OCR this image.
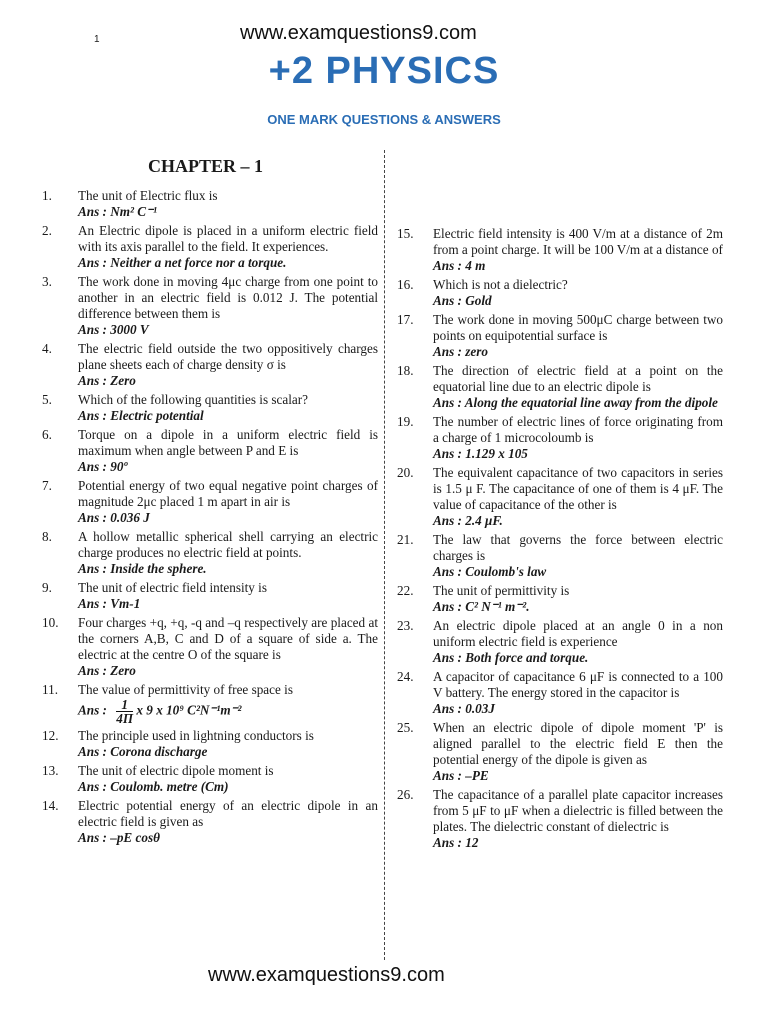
1	www.examquestions9.com
+2 PHYSICS
ONE MARK QUESTIONS & ANSWERS
CHAPTER – 1
1.	The unit of Electric flux is
Ans : Nm² C⁻¹
2.	An Electric dipole is placed in a uniform electric field with its axis parallel to the field. It experiences.
Ans : Neither a net force nor a torque.
3.	The work done in moving 4μc charge from one point to another in an electric field is 0.012 J. The potential difference between them is
Ans : 3000 V
4.	The electric field outside the two oppositively charges plane sheets each of charge density σ is
Ans : Zero
5.	Which of the following quantities is scalar?
Ans : Electric potential
6.	Torque on a dipole in a uniform electric field is maximum when angle between P and E is
Ans : 90º
7.	Potential energy of two equal negative point charges of magnitude 2μc placed 1 m apart in air is
Ans : 0.036 J
8.	A hollow metallic spherical shell carrying an electric charge produces no electric field at points.
Ans : Inside the sphere.
9.	The unit of electric field intensity is
Ans : Vm-1
10.	Four charges +q, +q, -q and –q respectively are placed at the corners A,B, C and D of a square of side a. The electric at the centre O of the square is
Ans : Zero
11.	The value of permittivity of free space is
Ans : $\frac{1}{4\Pi}$ x 9 x 10⁹ C²N⁻¹m⁻²
12.	The principle used in lightning conductors is
Ans : Corona discharge
13.	The unit of electric dipole moment is
Ans : Coulomb. metre (Cm)
14.	Electric potential energy of an electric dipole in an electric field is given as
Ans : –pE cosθ
15.	Electric field intensity is 400 V/m at a distance of 2m from a point charge. It will be 100 V/m at a distance of
Ans : 4 m
16.	Which is not a dielectric?
Ans : Gold
17.	The work done in moving 500μC charge between two points on equipotential surface is
Ans : zero
18.	The direction of electric field at a point on the equatorial line due to an electric dipole is
Ans : Along the equatorial line away from the dipole
19.	The number of electric lines of force originating from a charge of 1 microcoloumb is
Ans : 1.129 x 105
20.	The equivalent capacitance of two capacitors in series is 1.5 μ F. The capacitance of one of them is 4 μF. The value of capacitance of the other is
Ans : 2.4 μF.
21.	The law that governs the force between electric charges is
Ans : Coulomb's law
22.	The unit of permittivity is
Ans : C² N⁻¹ m⁻².
23.	An electric dipole placed at an angle 0 in a non uniform electric field is experience
Ans : Both force and torque.
24.	A capacitor of capacitance 6 μF is connected to a 100 V battery. The energy stored in the capacitor is
Ans : 0.03J
25.	When an electric dipole of dipole moment 'P' is aligned parallel to the electric field E then the potential energy of the dipole is given as
Ans : –PE
26.	The capacitance of a parallel plate capacitor increases from 5 μF to μF when a dielectric is filled between the plates. The dielectric constant of dielectric is
Ans : 12
www.examquestions9.com
